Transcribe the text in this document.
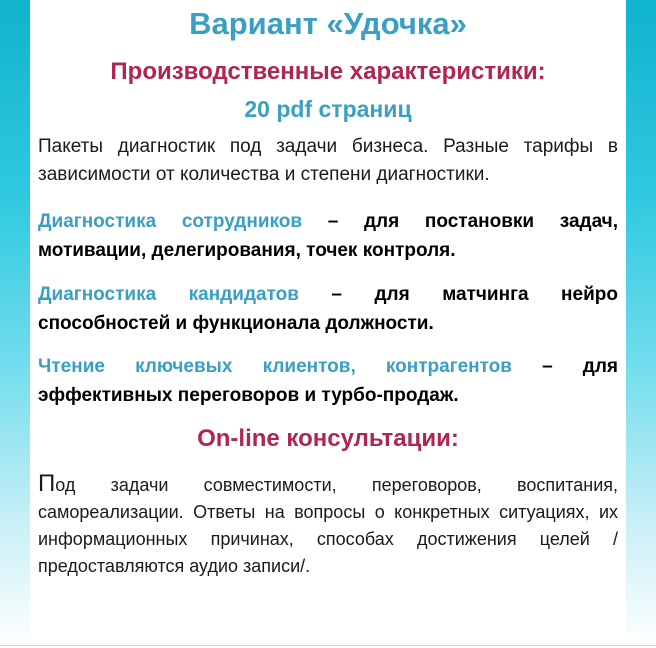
Вариант «Удочка»
Производственные характеристики:
20 pdf страниц

Пакеты диагностик под задачи бизнеса. Разные тарифы в зависимости от количества и степени диагностики.

Диагностика сотрудников – для постановки задач, мотивации, делегирования, точек контроля.

Диагностика кандидатов – для матчинга нейро способностей и функционала должности.

Чтение ключевых клиентов, контрагентов – для эффективных переговоров и турбо-продаж.

On-line консультации:

Под задачи совместимости, переговоров, воспитания, самореализации. Ответы на вопросы о конкретных ситуациях, их информационных причинах, способах достижения целей /предоставляются аудио записи/.
